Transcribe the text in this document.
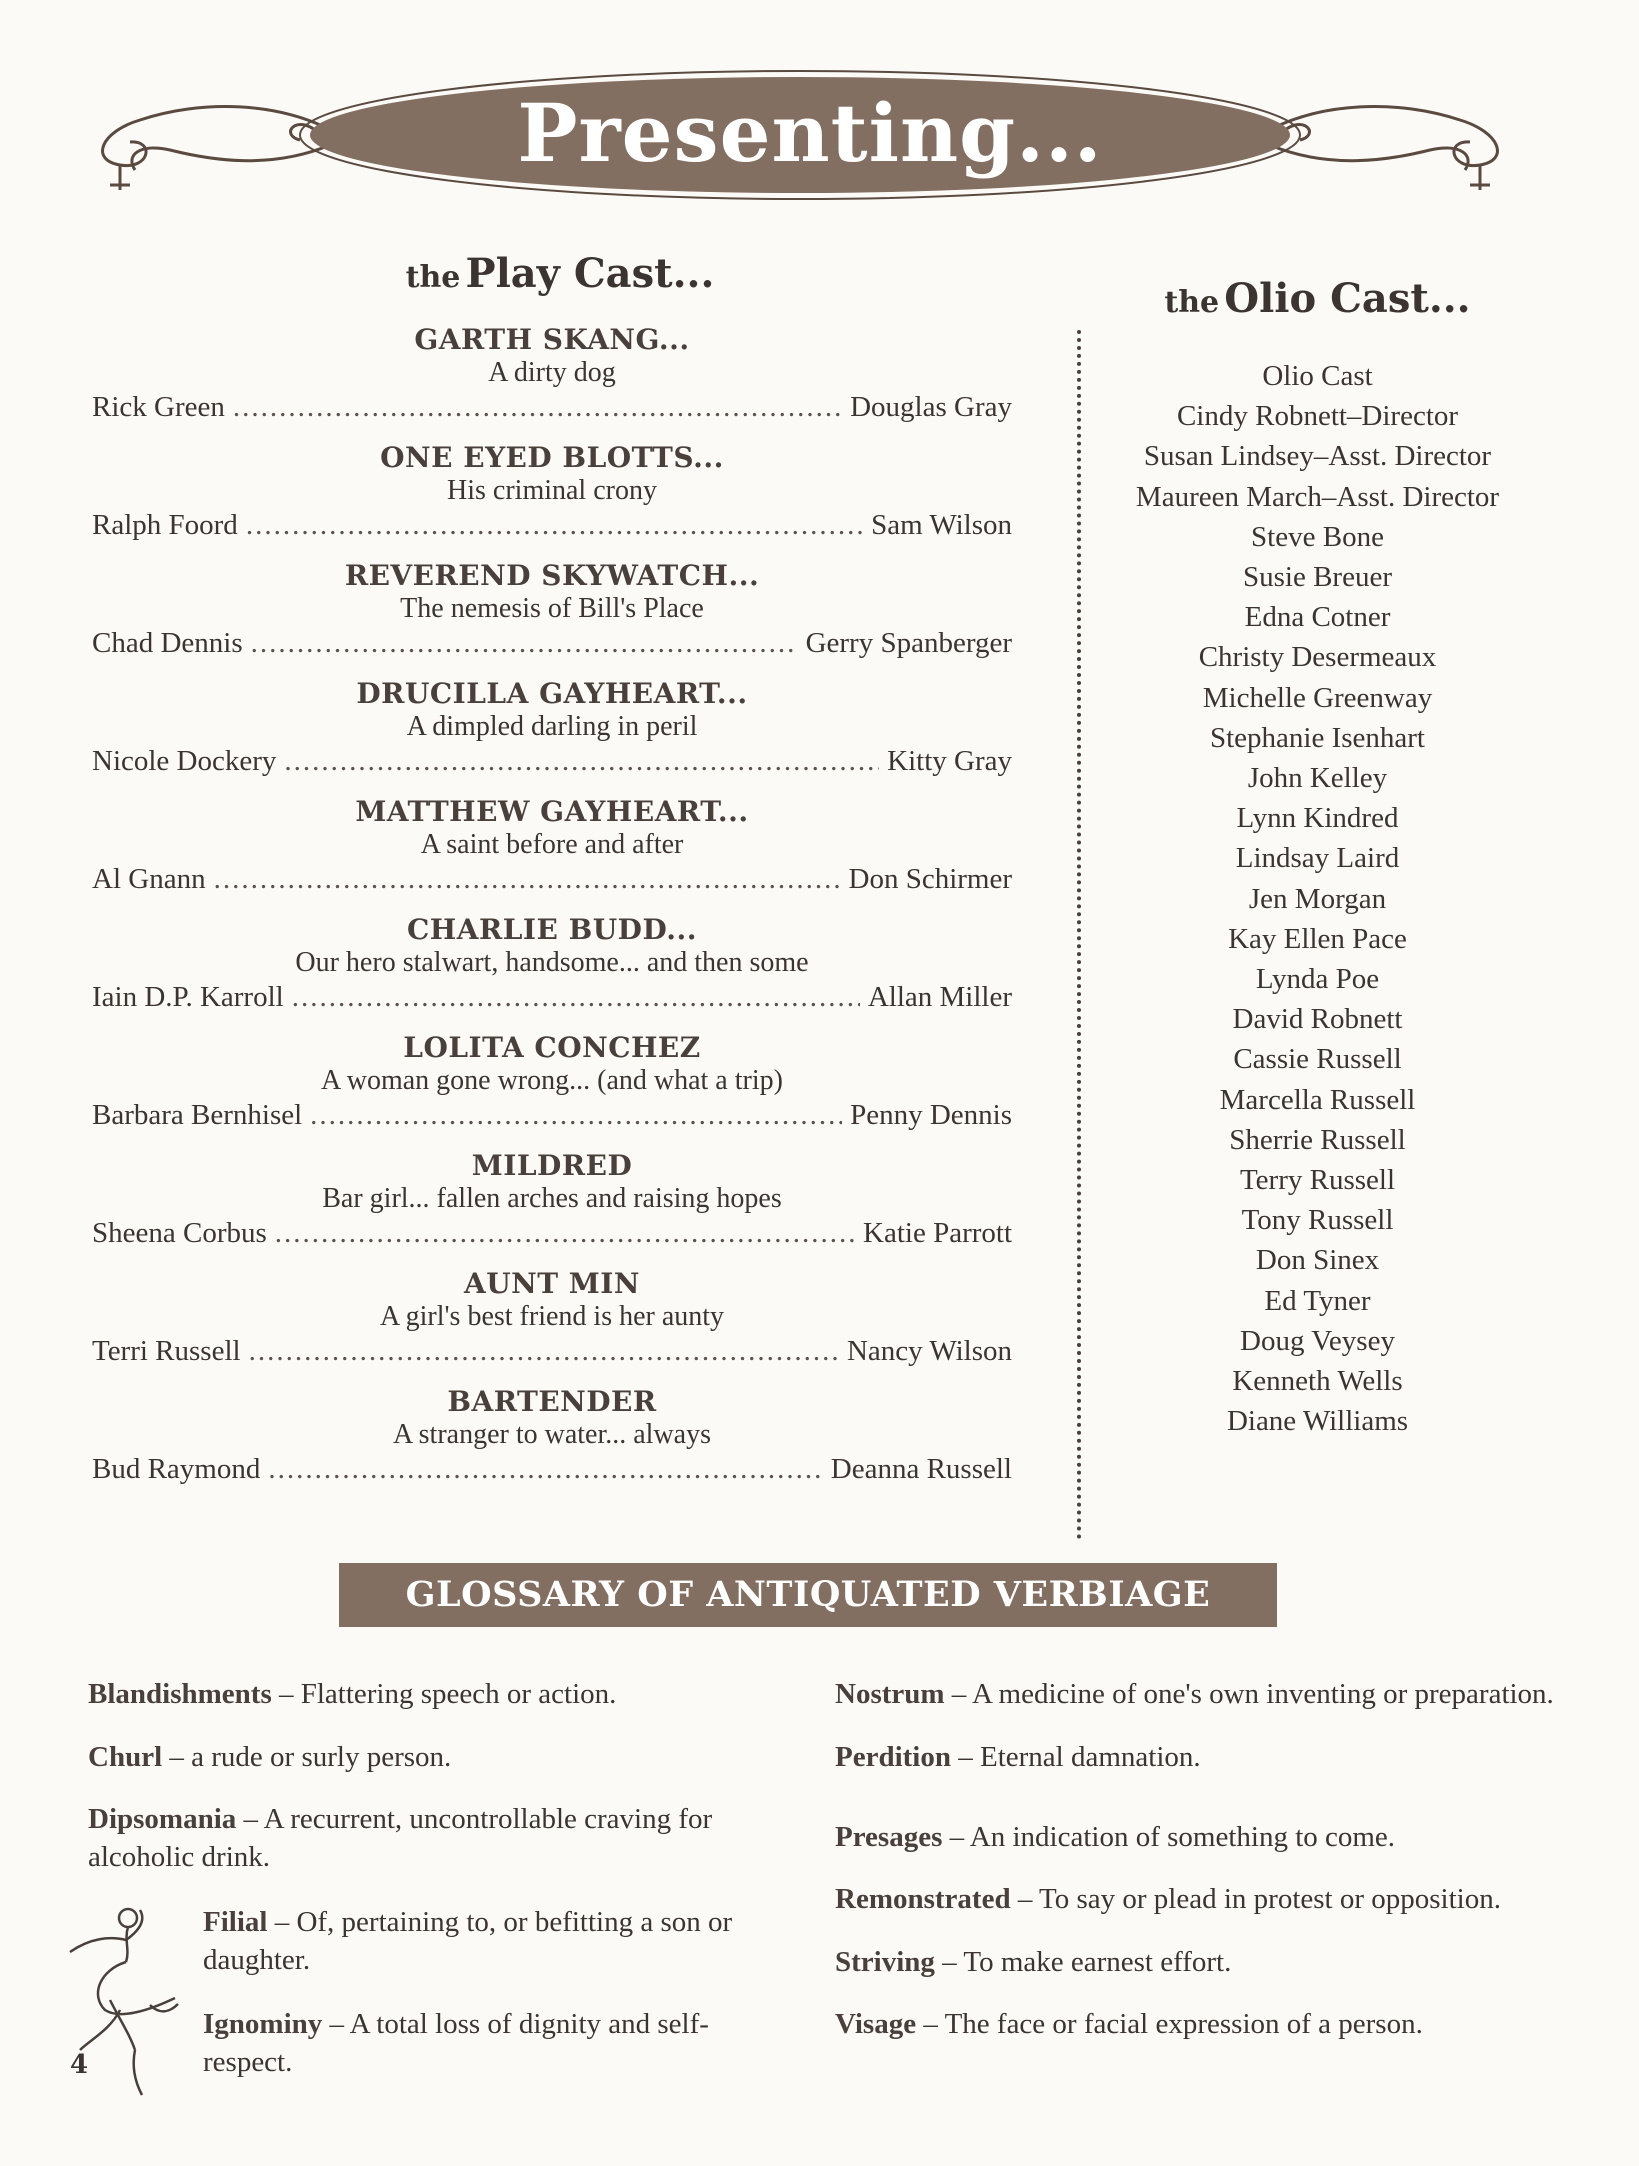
Presenting...
the Play Cast...
GARTH SKANG...
A dirty dog
Rick Green .....	Douglas Gray
ONE EYED BLOTTS...
His criminal crony
Ralph Foord .....	Sam Wilson
REVEREND SKYWATCH...
The nemesis of Bill's Place
Chad Dennis .....	Gerry Spanberger
DRUCILLA GAYHEART...
A dimpled darling in peril
Nicole Dockery .....	Kitty Gray
MATTHEW GAYHEART...
A saint before and after
Al Gnann .....	Don Schirmer
CHARLIE BUDD...
Our hero stalwart, handsome... and then some
Iain D.P. Karroll .....	Allan Miller
LOLITA CONCHEZ
A woman gone wrong... (and what a trip)
Barbara Bernhisel .....	Penny Dennis
MILDRED
Bar girl... fallen arches and raising hopes
Sheena Corbus .....	Katie Parrott
AUNT MIN
A girl's best friend is her aunty
Terri Russell .....	Nancy Wilson
BARTENDER
A stranger to water... always
Bud Raymond .....	Deanna Russell
the Olio Cast...
Olio Cast
Cindy Robnett–Director
Susan Lindsey–Asst. Director
Maureen March–Asst. Director
Steve Bone
Susie Breuer
Edna Cotner
Christy Desermeaux
Michelle Greenway
Stephanie Isenhart
John Kelley
Lynn Kindred
Lindsay Laird
Jen Morgan
Kay Ellen Pace
Lynda Poe
David Robnett
Cassie Russell
Marcella Russell
Sherrie Russell
Terry Russell
Tony Russell
Don Sinex
Ed Tyner
Doug Veysey
Kenneth Wells
Diane Williams
GLOSSARY OF ANTIQUATED VERBIAGE
Blandishments – Flattering speech or action.
Churl – a rude or surly person.
Dipsomania – A recurrent, uncontrollable craving for alcoholic drink.
Filial – Of, pertaining to, or befitting a son or daughter.
Ignominy – A total loss of dignity and self-respect.
Nostrum – A medicine of one's own inventing or preparation.
Perdition – Eternal damnation.
Presages – An indication of something to come.
Remonstrated – To say or plead in protest or opposition.
Striving – To make earnest effort.
Visage – The face or facial expression of a person.
4
